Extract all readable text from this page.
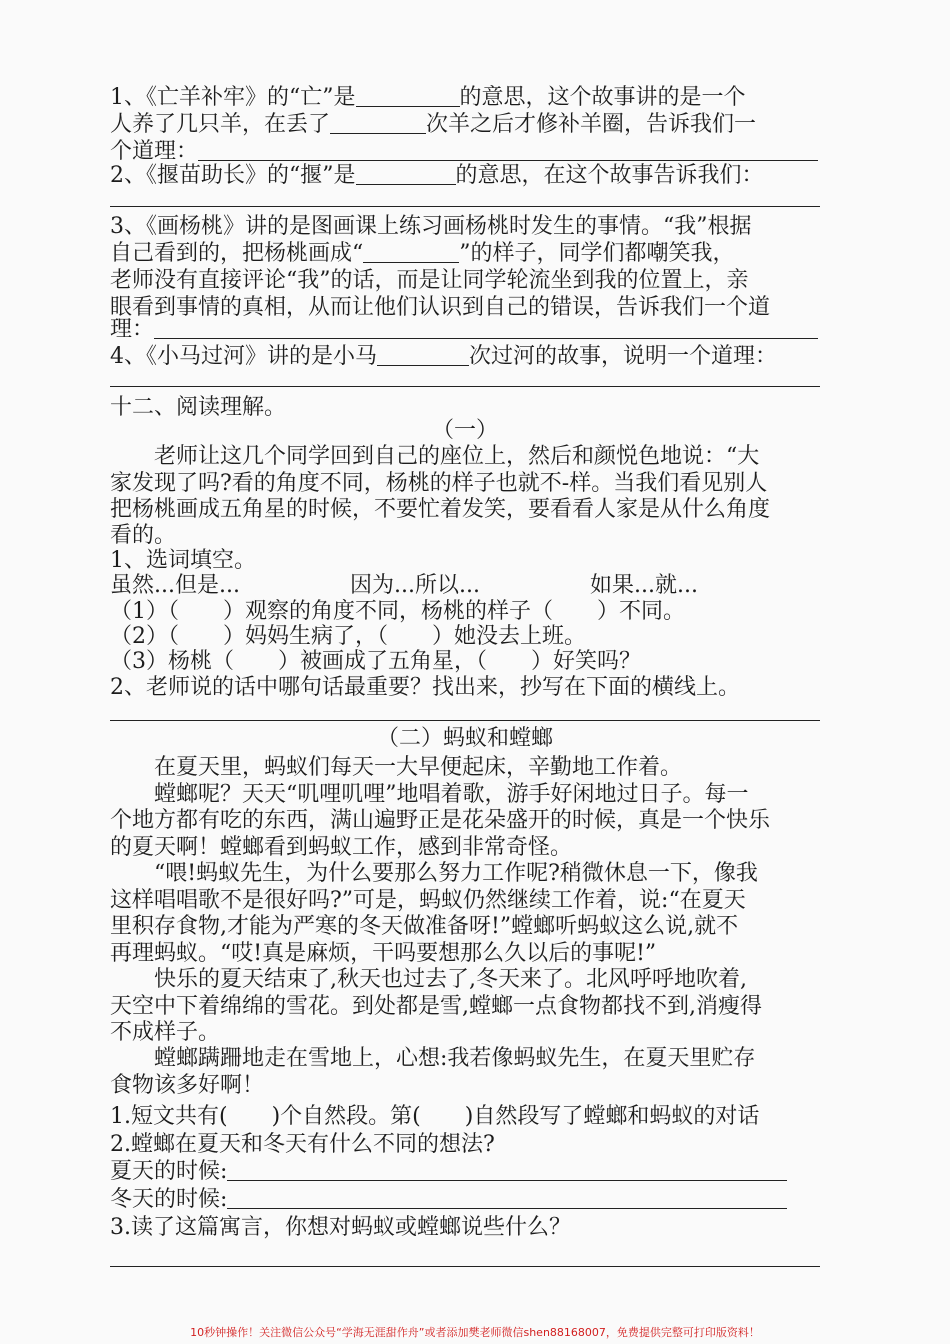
1、《亡羊补牢》的“亡”是	的意思，这个故事讲的是一个
人养了几只羊，在丢了	次羊之后才修补羊圈，告诉我们一
个道理：
2、《揠苗助长》的“揠”是	的意思，在这个故事告诉我们：
3、《画杨桃》讲的是图画课上练习画杨桃时发生的事情。“我”根据
自己看到的，把杨桃画成“	”的样子，同学们都嘲笑我，
老师没有直接评论“我”的话，而是让同学轮流坐到我的位置上，亲
眼看到事情的真相，从而让他们认识到自己的错误，告诉我们一个道
理：
4、《小马过河》讲的是小马	次过河的故事，说明一个道理：
十二、阅读理解。
（一）
老师让这几个同学回到自己的座位上，然后和颜悦色地说：“大
家发现了吗?看的角度不同，杨桃的样子也就不-样。当我们看见别人
把杨桃画成五角星的时候，不要忙着发笑，要看看人家是从什么角度
看的。
1、选词填空。
虽然...但是...	因为...所以...	如果...就...
（1）（　　）观察的角度不同，杨桃的样子（　　）不同。
（2）（　　）妈妈生病了，（　　）她没去上班。
（3）杨桃（　　）被画成了五角星，（　　）好笑吗？
2、老师说的话中哪句话最重要？找出来，抄写在下面的横线上。
（二）蚂蚁和螳螂
在夏天里，蚂蚁们每天一大早便起床，辛勤地工作着。
螳螂呢？天天“叽哩叽哩”地唱着歌，游手好闲地过日子。每一
个地方都有吃的东西，满山遍野正是花朵盛开的时候，真是一个快乐
的夏天啊！螳螂看到蚂蚁工作，感到非常奇怪。
“喂!蚂蚁先生，为什么要那么努力工作呢?稍微休息一下，像我
这样唱唱歌不是很好吗?”可是，蚂蚁仍然继续工作着，说:“在夏天
里积存食物,才能为严寒的冬天做准备呀!”螳螂听蚂蚁这么说,就不
再理蚂蚁。“哎!真是麻烦，干吗要想那么久以后的事呢!”
快乐的夏天结束了,秋天也过去了,冬天来了。北风呼呼地吹着,
天空中下着绵绵的雪花。到处都是雪,螳螂一点食物都找不到,消瘦得
不成样子。
螳螂蹒跚地走在雪地上，心想:我若像蚂蚁先生，在夏天里贮存
食物该多好啊！
1.短文共有(　　)个自然段。第(　　)自然段写了螳螂和蚂蚁的对话
2.螳螂在夏天和冬天有什么不同的想法?
夏天的时候:
冬天的时候:
3.读了这篇寓言，你想对蚂蚁或螳螂说些什么？
10秒钟操作！关注微信公众号“学海无涯甜作舟”或者添加樊老师微信shen88168007，免费提供完整可打印版资料！
